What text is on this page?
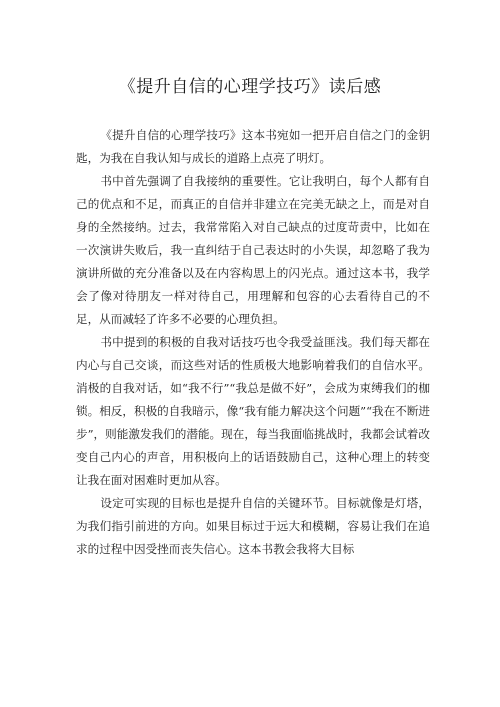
《提升自信的心理学技巧》读后感

《提升自信的心理学技巧》这本书宛如一把开启自信之门的金钥匙，为我在自我认知与成长的道路上点亮了明灯。

书中首先强调了自我接纳的重要性。它让我明白，每个人都有自己的优点和不足，而真正的自信并非建立在完美无缺之上，而是对自身的全然接纳。过去，我常常陷入对自己缺点的过度苛责中，比如在一次演讲失败后，我一直纠结于自己表达时的小失误，却忽略了我为演讲所做的充分准备以及在内容构思上的闪光点。通过这本书，我学会了像对待朋友一样对待自己，用理解和包容的心去看待自己的不足，从而减轻了许多不必要的心理负担。

书中提到的积极的自我对话技巧也令我受益匪浅。我们每天都在内心与自己交谈，而这些对话的性质极大地影响着我们的自信水平。消极的自我对话，如“我不行”“我总是做不好”，会成为束缚我们的枷锁。相反，积极的自我暗示，像“我有能力解决这个问题”“我在不断进步”，则能激发我们的潜能。现在，每当我面临挑战时，我都会试着改变自己内心的声音，用积极向上的话语鼓励自己，这种心理上的转变让我在面对困难时更加从容。

设定可实现的目标也是提升自信的关键环节。目标就像是灯塔，为我们指引前进的方向。如果目标过于远大和模糊，容易让我们在追求的过程中因受挫而丧失信心。这本书教会我将大目标
